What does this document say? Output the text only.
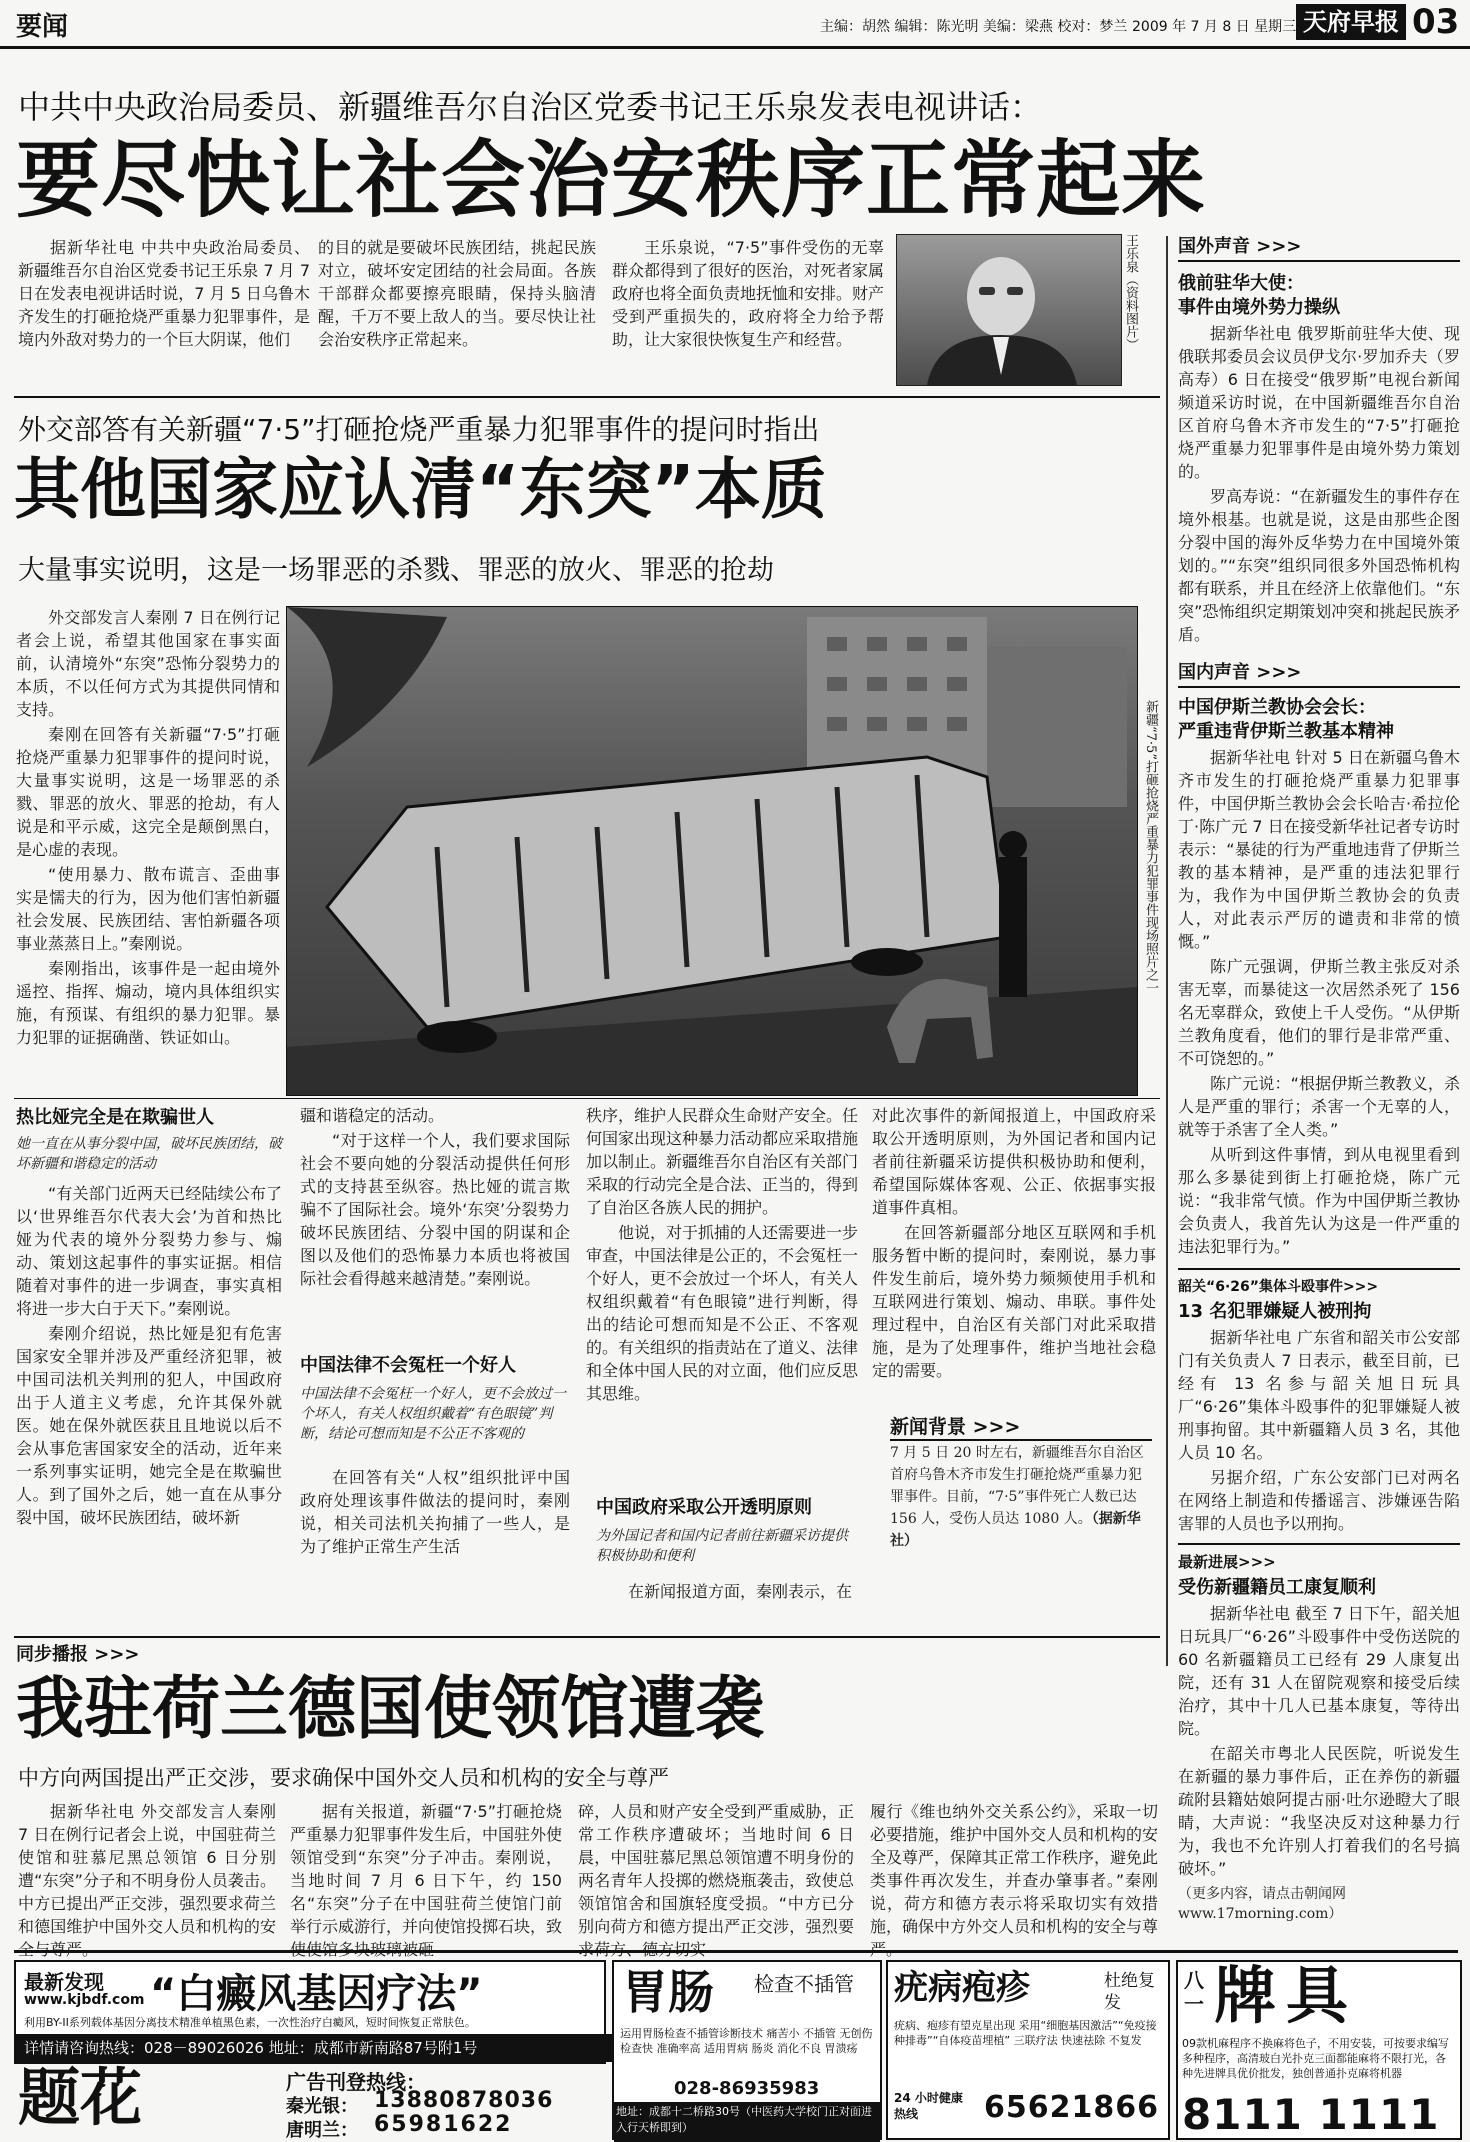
要闻	主编：胡然 编辑：陈光明 美编：梁燕 校对：梦兰 2009 年 7 月 8 日 星期三 天府早报 03
中共中央政治局委员、新疆维吾尔自治区党委书记王乐泉发表电视讲话：
要尽快让社会治安秩序正常起来

据新华社电 中共中央政治局委员、新疆维吾尔自治区党委书记王乐泉 7 月 7 日在发表电视讲话时说，7 月 5 日乌鲁木齐发生的打砸抢烧严重暴力犯罪事件，是境内外敌对势力的一个巨大阴谋，他们

的目的就是要破坏民族团结，挑起民族对立，破坏安定团结的社会局面。各族干部群众都要擦亮眼睛，保持头脑清醒，千万不要上敌人的当。要尽快让社会治安秩序正常起来。

王乐泉说，“7·5”事件受伤的无辜群众都得到了很好的医治，对死者家属政府也将全面负责地抚恤和安排。财产受到严重损失的，政府将全力给予帮助，让大家很快恢复生产和经营。	王乐泉（资料图片）
外交部答有关新疆“7·5”打砸抢烧严重暴力犯罪事件的提问时指出
其他国家应认清“东突”本质
大量事实说明，这是一场罪恶的杀戮、罪恶的放火、罪恶的抢劫

外交部发言人秦刚 7 日在例行记者会上说，希望其他国家在事实面前，认清境外“东突”恐怖分裂势力的本质，不以任何方式为其提供同情和支持。

秦刚在回答有关新疆“7·5”打砸抢烧严重暴力犯罪事件的提问时说，大量事实说明，这是一场罪恶的杀戮、罪恶的放火、罪恶的抢劫，有人说是和平示威，这完全是颠倒黑白，是心虚的表现。

“使用暴力、散布谎言、歪曲事实是懦夫的行为，因为他们害怕新疆社会发展、民族团结、害怕新疆各项事业蒸蒸日上。”秦刚说。

秦刚指出，该事件是一起由境外遥控、指挥、煽动，境内具体组织实施，有预谋、有组织的暴力犯罪。暴力犯罪的证据确凿、铁证如山。

新疆“7·5”打砸抢烧严重暴力犯罪事件现场照片之一
热比娅完全是在欺骗世人
她一直在从事分裂中国，破坏民族团结，破坏新疆和谐稳定的活动

“有关部门近两天已经陆续公布了以‘世界维吾尔代表大会’为首和热比娅为代表的境外分裂势力参与、煽动、策划这起事件的事实证据。相信随着对事件的进一步调查，事实真相将进一步大白于天下。”秦刚说。

秦刚介绍说，热比娅是犯有危害国家安全罪并涉及严重经济犯罪，被中国司法机关判刑的犯人，中国政府出于人道主义考虑，允许其保外就医。她在保外就医获且且地说以后不会从事危害国家安全的活动，近年来一系列事实证明，她完全是在欺骗世人。到了国外之后，她一直在从事分裂中国，破坏民族团结，破坏新

疆和谐稳定的活动。

“对于这样一个人，我们要求国际社会不要向她的分裂活动提供任何形式的支持甚至纵容。热比娅的谎言欺骗不了国际社会。境外‘东突’分裂势力破坏民族团结、分裂中国的阴谋和企图以及他们的恐怖暴力本质也将被国际社会看得越来越清楚。”秦刚说。

中国法律不会冤枉一个好人
中国法律不会冤枉一个好人，更不会放过一个坏人，有关人权组织戴着“有色眼镜”判断，结论可想而知是不公正不客观的

在回答有关“人权”组织批评中国政府处理该事件做法的提问时，秦刚说，相关司法机关拘捕了一些人，是为了维护正常生产生活

秩序，维护人民群众生命财产安全。任何国家出现这种暴力活动都应采取措施加以制止。新疆维吾尔自治区有关部门采取的行动完全是合法、正当的，得到了自治区各族人民的拥护。

他说，对于抓捕的人还需要进一步审查，中国法律是公正的，不会冤枉一个好人，更不会放过一个坏人，有关人权组织戴着“有色眼镜”进行判断，得出的结论可想而知是不公正、不客观的。有关组织的指责站在了道义、法律和全体中国人民的对立面，他们应反思其思维。

中国政府采取公开透明原则
为外国记者和国内记者前往新疆采访提供积极协助和便利

在新闻报道方面，秦刚表示，在

对此次事件的新闻报道上，中国政府采取公开透明原则，为外国记者和国内记者前往新疆采访提供积极协助和便利，希望国际媒体客观、公正、依据事实报道事件真相。

在回答新疆部分地区互联网和手机服务暂中断的提问时，秦刚说，暴力事件发生前后，境外势力频频使用手机和互联网进行策划、煽动、串联。事件处理过程中，自治区有关部门对此采取措施，是为了处理事件，维护当地社会稳定的需要。

新闻背景 >>>
7 月 5 日 20 时左右，新疆维吾尔自治区首府乌鲁木齐市发生打砸抢烧严重暴力犯罪事件。目前，“7·5”事件死亡人数已达 156 人，受伤人员达 1080 人。（据新华社）
国外声音 >>>
俄前驻华大使：
事件由境外势力操纵

据新华社电 俄罗斯前驻华大使、现俄联邦委员会议员伊戈尔·罗加乔夫（罗高寿）6 日在接受“俄罗斯”电视台新闻频道采访时说，在中国新疆维吾尔自治区首府乌鲁木齐市发生的“7·5”打砸抢烧严重暴力犯罪事件是由境外势力策划的。

罗高寿说：“在新疆发生的事件存在境外根基。也就是说，这是由那些企图分裂中国的海外反华势力在中国境外策划的。”“东突”组织同很多外国恐怖机构都有联系，并且在经济上依靠他们。“东突”恐怖组织定期策划冲突和挑起民族矛盾。

国内声音 >>>
中国伊斯兰教协会会长：
严重违背伊斯兰教基本精神

据新华社电 针对 5 日在新疆乌鲁木齐市发生的打砸抢烧严重暴力犯罪事件，中国伊斯兰教协会会长哈吉·希拉伦丁·陈广元 7 日在接受新华社记者专访时表示：“暴徒的行为严重地违背了伊斯兰教的基本精神，是严重的违法犯罪行为，我作为中国伊斯兰教协会的负责人，对此表示严厉的谴责和非常的愤慨。”

陈广元强调，伊斯兰教主张反对杀害无辜，而暴徒这一次居然杀死了 156 名无辜群众，致使上千人受伤。“从伊斯兰教角度看，他们的罪行是非常严重、不可饶恕的。”

陈广元说：“根据伊斯兰教教义，杀人是严重的罪行；杀害一个无辜的人，就等于杀害了全人类。”

从听到这件事情，到从电视里看到那么多暴徒到街上打砸抢烧，陈广元说：“我非常气愤。作为中国伊斯兰教协会负责人，我首先认为这是一件严重的违法犯罪行为。”

韶关“6·26”集体斗殴事件>>>
13 名犯罪嫌疑人被刑拘

据新华社电 广东省和韶关市公安部门有关负责人 7 日表示，截至目前，已经有 13 名参与韶关旭日玩具厂“6·26”集体斗殴事件的犯罪嫌疑人被刑事拘留。其中新疆籍人员 3 名，其他人员 10 名。

另据介绍，广东公安部门已对两名在网络上制造和传播谣言、涉嫌诬告陷害罪的人员也予以刑拘。

最新进展>>>
受伤新疆籍员工康复顺利

据新华社电 截至 7 日下午，韶关旭日玩具厂“6·26”斗殴事件中受伤送院的 60 名新疆籍员工已经有 29 人康复出院，还有 31 人在留院观察和接受后续治疗，其中十几人已基本康复，等待出院。

在韶关市粤北人民医院，听说发生在新疆的暴力事件后，正在养伤的新疆疏附县籍姑娘阿提古丽·吐尔逊瞪大了眼睛，大声说：“我坚决反对这种暴力行为，我也不允许别人打着我们的名号搞破坏。”

（更多内容，请点击朝闻网 www.17morning.com）
同步播报 >>>
我驻荷兰德国使领馆遭袭
中方向两国提出严正交涉，要求确保中国外交人员和机构的安全与尊严

据新华社电 外交部发言人秦刚 7 日在例行记者会上说，中国驻荷兰使馆和驻慕尼黑总领馆 6 日分别遭“东突”分子和不明身份人员袭击。中方已提出严正交涉，强烈要求荷兰和德国维护中国外交人员和机构的安全与尊严。

据有关报道，新疆“7·5”打砸抢烧严重暴力犯罪事件发生后，中国驻外使领馆受到“东突”分子冲击。秦刚说，当地时间 7 月 6 日下午，约 150 名“东突”分子在中国驻荷兰使馆门前举行示威游行，并向使馆投掷石块，致使使馆多块玻璃被砸

碎，人员和财产安全受到严重威胁，正常工作秩序遭破坏；当地时间 6 日晨，中国驻慕尼黑总领馆遭不明身份的两名青年人投掷的燃烧瓶袭击，致使总领馆馆舍和国旗轻度受损。“中方已分别向荷方和德方提出严正交涉，强烈要求荷方、德方切实

履行《维也纳外交关系公约》，采取一切必要措施，维护中国外交人员和机构的安全及尊严，保障其正常工作秩序，避免此类事件再次发生，并查办肇事者。”秦刚说，荷方和德方表示将采取切实有效措施，确保中方外交人员和机构的安全与尊严。

最新发现
www.kjbdf.com “白癜风基因疗法”
利用BY-II系列载体基因分离技术精准单植黑色素，一次性治疗白癜风，短时间恢复正常肤色。
详情请咨询热线：028－89026026 地址：成都市新南路87号附1号
题花	广告刊登热线：
秦光银： 13880878036
唐明兰： 65981622
胃肠 检查不插管
运用胃肠检查不插管诊断技术 痛苦小 不插管 无创伤 检查快 准确率高 适用胃病 肠炎 消化不良 胃溃疡
028-86935983
地址：成都十二桥路30号（中医药大学校门正对面进入行天桥即到）
疣病疱疹	杜绝复发
疣病、疱疹有望克星出现 采用“细胞基因激活”“免疫接种排毒”“自体疫苗埋植” 三联疗法 快速祛除 不复发
24 小时健康热线	65621866
八一 牌具
09款机麻程序不换麻将色子，不用安装，可按要求编写多种程序，高清玻白光扑克三面都能麻将不限打光，各种先进牌具优价批发，独创普通扑克麻将机器
8111 1111
